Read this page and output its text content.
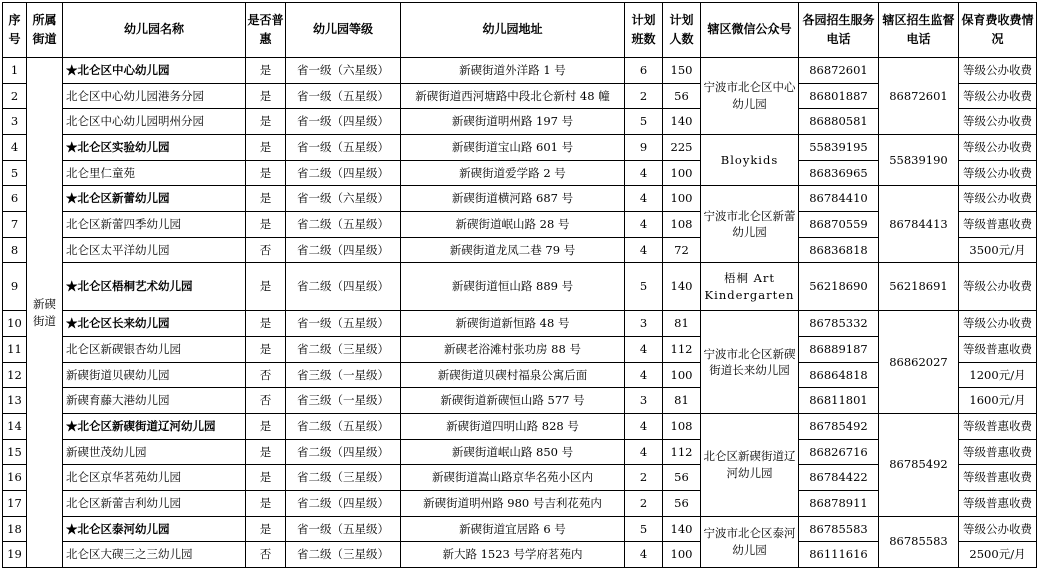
序号	所属街道	幼儿园名称	是否普惠	幼儿园等级	幼儿园地址	计划班数	计划人数	辖区微信公众号	各园招生服务电话	辖区招生监督电话	保育费收费情况
1	新碶街道	★北仑区中心幼儿园	是	省一级（六星级）	新碶街道外洋路 1 号	6	150	宁波市北仑区中心幼儿园	86872601	86872601	等级公办收费
2		北仑区中心幼儿园港务分园	是	省一级（五星级）	新碶街道西河塘路中段北仑新村 48 幢	2	56		86801887		等级公办收费
3		北仑区中心幼儿园明州分园	是	省一级（四星级）	新碶街道明州路 197 号	5	140		86880581		等级公办收费
4		★北仑区实验幼儿园	是	省一级（五星级）	新碶街道宝山路 601 号	9	225	Bloykids	55839195	55839190	等级公办收费
5		北仑里仁童苑	是	省二级（四星级）	新碶街道爱学路 2 号	4	100		86836965		等级公办收费
6		★北仑区新蕾幼儿园	是	省一级（六星级）	新碶街道横河路 687 号	4	100	宁波市北仑区新蕾幼儿园	86784410	86784413	等级公办收费
7		北仑区新蕾四季幼儿园	是	省二级（五星级）	新碶街道岷山路 28 号	4	108		86870559		等级普惠收费
8		北仑区太平洋幼儿园	否	省二级（四星级）	新碶街道龙凤二巷 79 号	4	72		86836818		3500元/月
9		★北仑区梧桐艺术幼儿园	是	省二级（四星级）	新碶街道恒山路 889 号	5	140	梧桐 Art Kindergarten	56218690	56218691	等级公办收费
10		★北仑区长来幼儿园	是	省一级（五星级）	新碶街道新恒路 48 号	3	81	宁波市北仑区新碶街道长来幼儿园	86785332	86862027	等级公办收费
11		北仑区新碶银杏幼儿园	是	省二级（三星级）	新碶老浴滩村张功房 88 号	4	112		86889187		等级普惠收费
12		新碶街道贝碶幼儿园	否	省三级（一星级）	新碶街道贝碶村福泉公寓后面	4	100		86864818		1200元/月
13		新碶育藤大港幼儿园	否	省三级（一星级）	新碶街道新碶恒山路 577 号	3	81		86811801		1600元/月
14		★北仑区新碶街道辽河幼儿园	是	省二级（五星级）	新碶街道四明山路 828 号	4	108	北仑区新碶街道辽河幼儿园	86785492	86785492	等级普惠收费
15		新碶世茂幼儿园	是	省二级（四星级）	新碶街道岷山路 850 号	4	112		86826716		等级普惠收费
16		北仑区京华茗苑幼儿园	是	省二级（三星级）	新碶街道嵩山路京华名苑小区内	2	56		86784422		等级普惠收费
17		北仑区新蕾吉利幼儿园	是	省二级（四星级）	新碶街道明州路 980 号吉利花苑内	2	56		86878911		等级普惠收费
18		★北仑区泰河幼儿园	是	省一级（五星级）	新碶街道宜居路 6 号	5	140	宁波市北仑区泰河幼儿园	86785583	86785583	等级公办收费
19		北仑区大碶三之三幼儿园	否	省二级（三星级）	新大路 1523 号学府茗苑内	4	100		86111616		2500元/月
